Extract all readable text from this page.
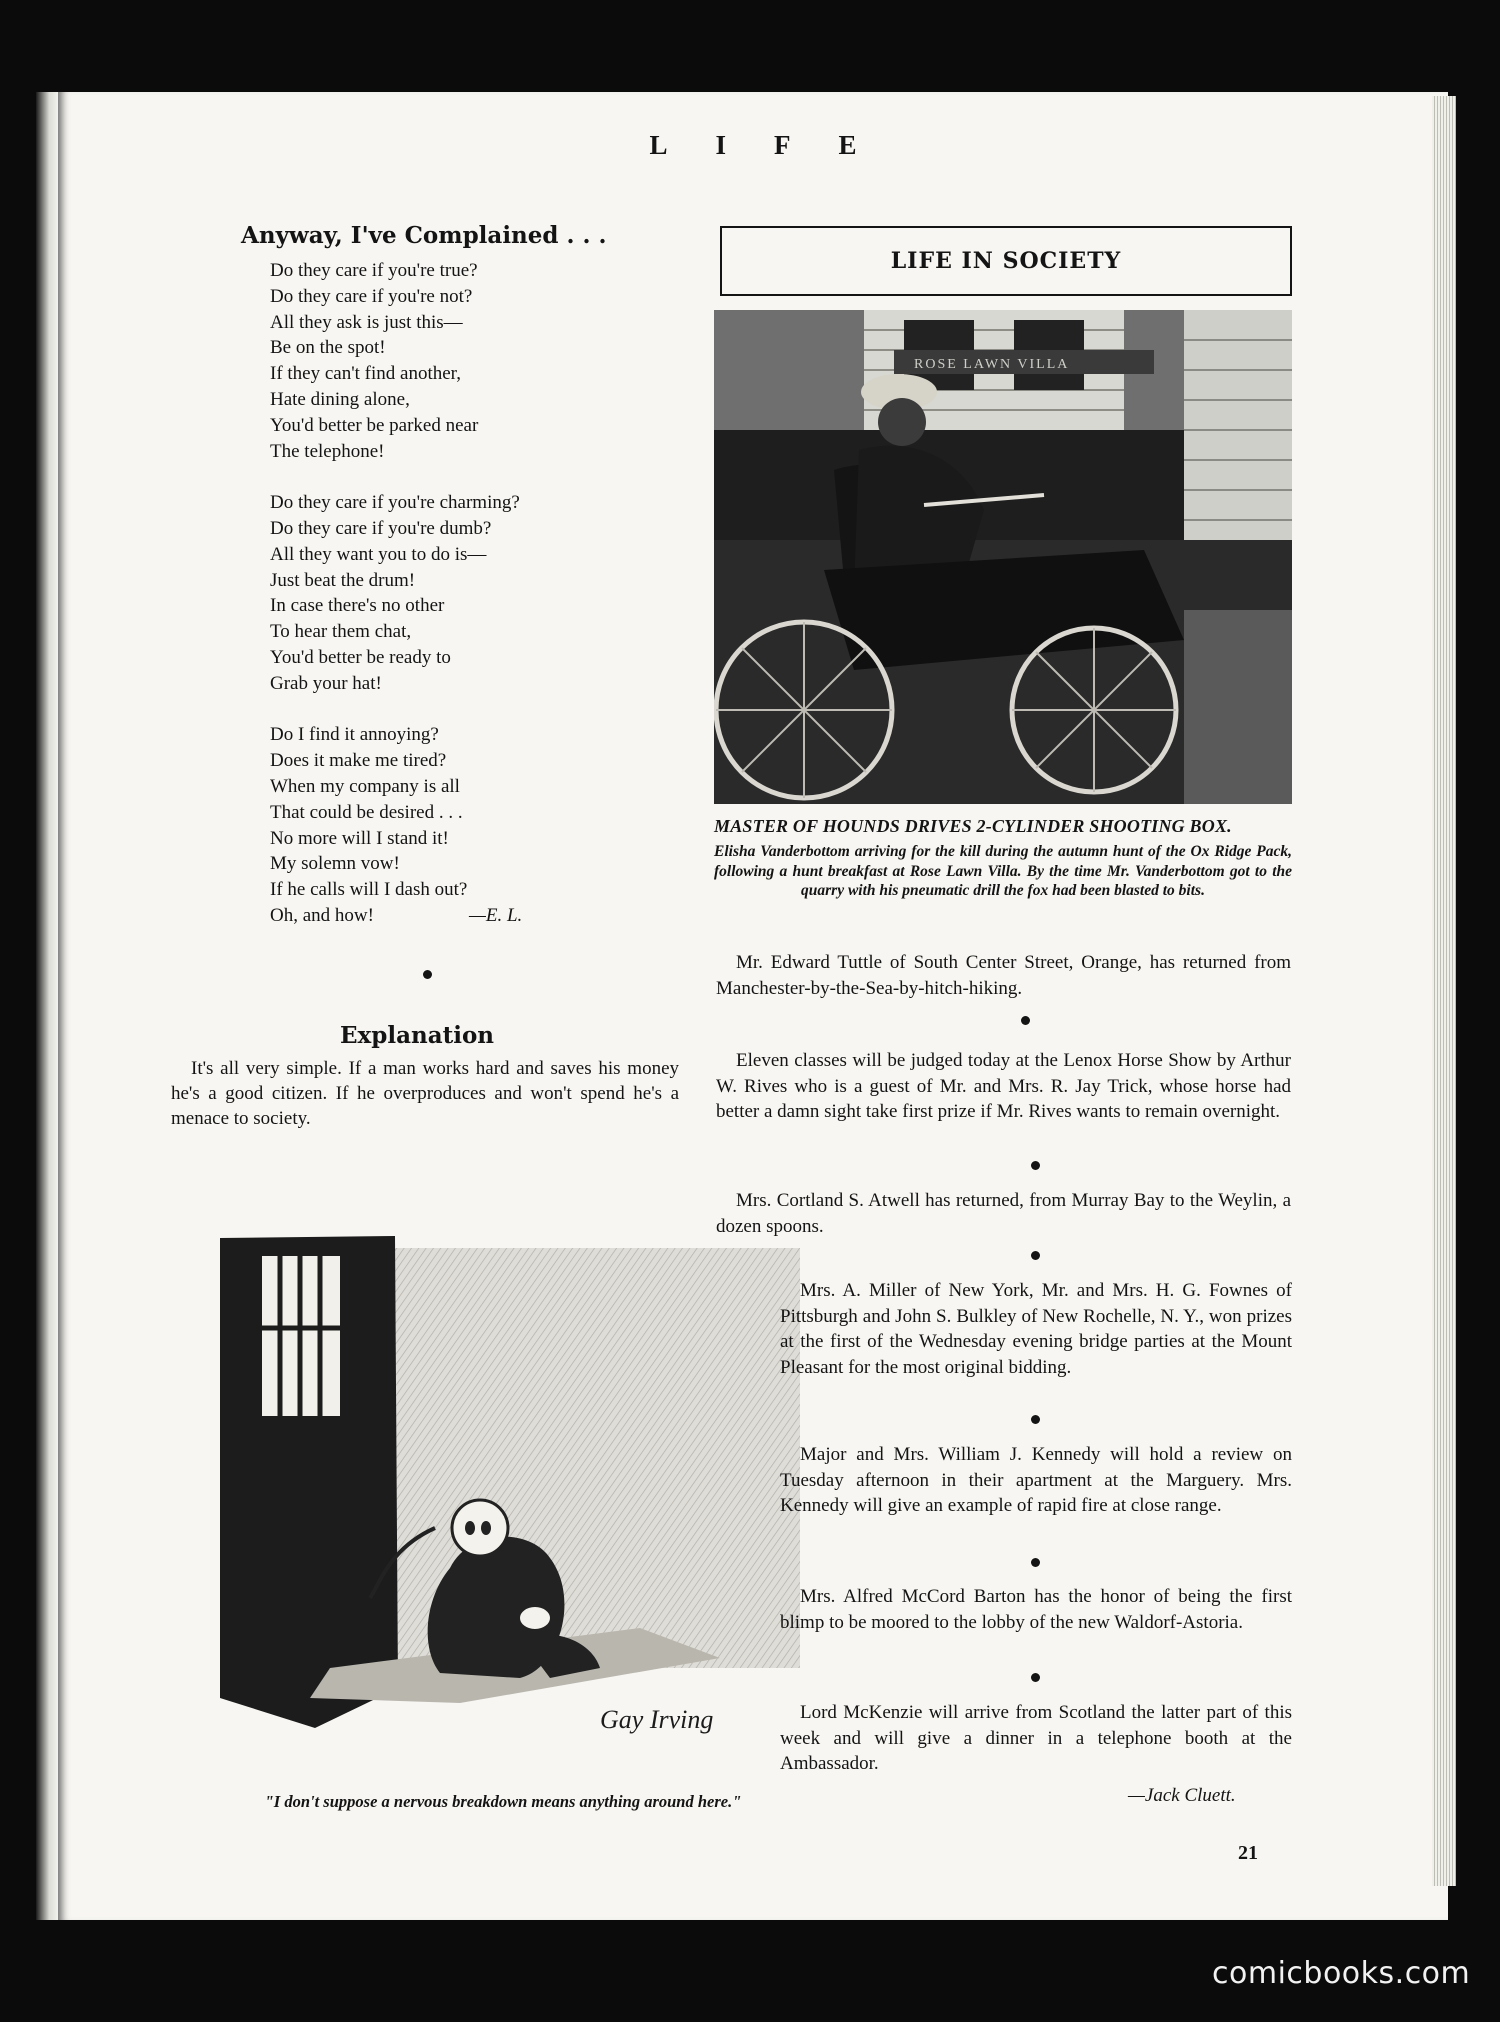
L I F E
Anyway, I've Complained . . .
Do they care if you're true?
Do they care if you're not?
All they ask is just this—
Be on the spot!
If they can't find another,
Hate dining alone,
You'd better be parked near
The telephone!
Do they care if you're charming?
Do they care if you're dumb?
All they want you to do is—
Just beat the drum!
In case there's no other
To hear them chat,
You'd better be ready to
Grab your hat!
Do I find it annoying?
Does it make me tired?
When my company is all
That could be desired . . .
No more will I stand it!
My solemn vow!
If he calls will I dash out?
Oh, and how!	—E. L.
Explanation

It's all very simple. If a man works hard and saves his money he's a good citizen. If he overproduces and won't spend he's a menace to society.

Gay Irving
"I don't suppose a nervous breakdown means anything around here."
LIFE IN SOCIETY
ROSE LAWN VILLA
MASTER OF HOUNDS DRIVES 2-CYLINDER SHOOTING BOX.
Elisha Vanderbottom arriving for the kill during the autumn hunt of the Ox Ridge Pack, following a hunt breakfast at Rose Lawn Villa. By the time Mr. Vanderbottom got to the quarry with his pneumatic drill the fox had been blasted to bits.

Mr. Edward Tuttle of South Center Street, Orange, has returned from Manchester-by-the-Sea-by-hitch-hiking.

Eleven classes will be judged today at the Lenox Horse Show by Arthur W. Rives who is a guest of Mr. and Mrs. R. Jay Trick, whose horse had better a damn sight take first prize if Mr. Rives wants to remain overnight.

Mrs. Cortland S. Atwell has returned, from Murray Bay to the Weylin, a dozen spoons.

Mrs. A. Miller of New York, Mr. and Mrs. H. G. Fownes of Pittsburgh and John S. Bulkley of New Rochelle, N. Y., won prizes at the first of the Wednesday evening bridge parties at the Mount Pleasant for the most original bidding.

Major and Mrs. William J. Kennedy will hold a review on Tuesday afternoon in their apartment at the Marguery. Mrs. Kennedy will give an example of rapid fire at close range.

Mrs. Alfred McCord Barton has the honor of being the first blimp to be moored to the lobby of the new Waldorf-Astoria.

Lord McKenzie will arrive from Scotland the latter part of this week and will give a dinner in a telephone booth at the Ambassador.

—Jack Cluett.
21
comicbooks.com
